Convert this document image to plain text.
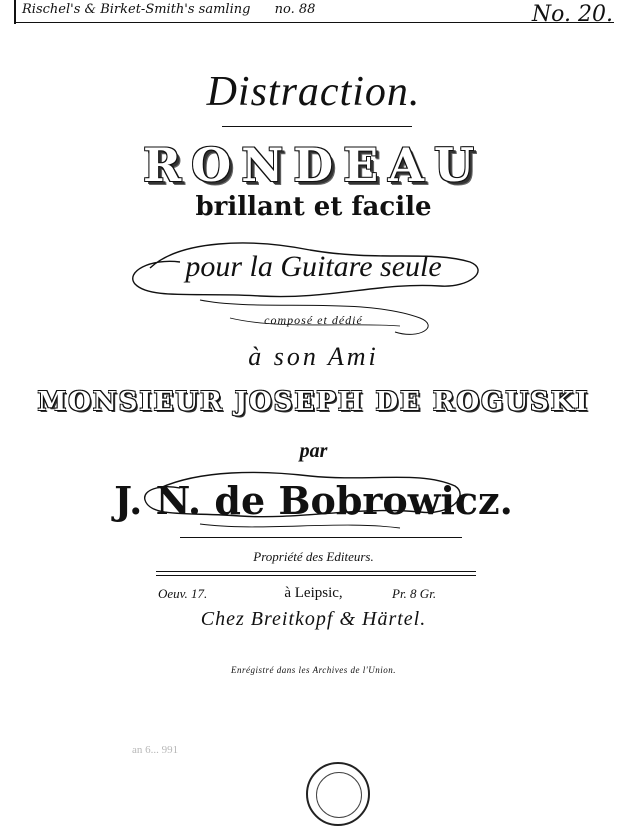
Rischel's & Birket-Smith's samling no. 88	No. 20.
Distraction.
RONDEAU
brillant et facile
pour la Guitare seule
composé et dédié
à son Ami
MONSIEUR JOSEPH DE ROGUSKI
par
J. N. de Bobrowicz.
Propriété des Editeurs.
Oeuv. 17.	à Leipsic,	Pr. 8 Gr.
Chez Breitkopf & Härtel.
Enrégistré dans les Archives de l'Union.
an 6... 991
